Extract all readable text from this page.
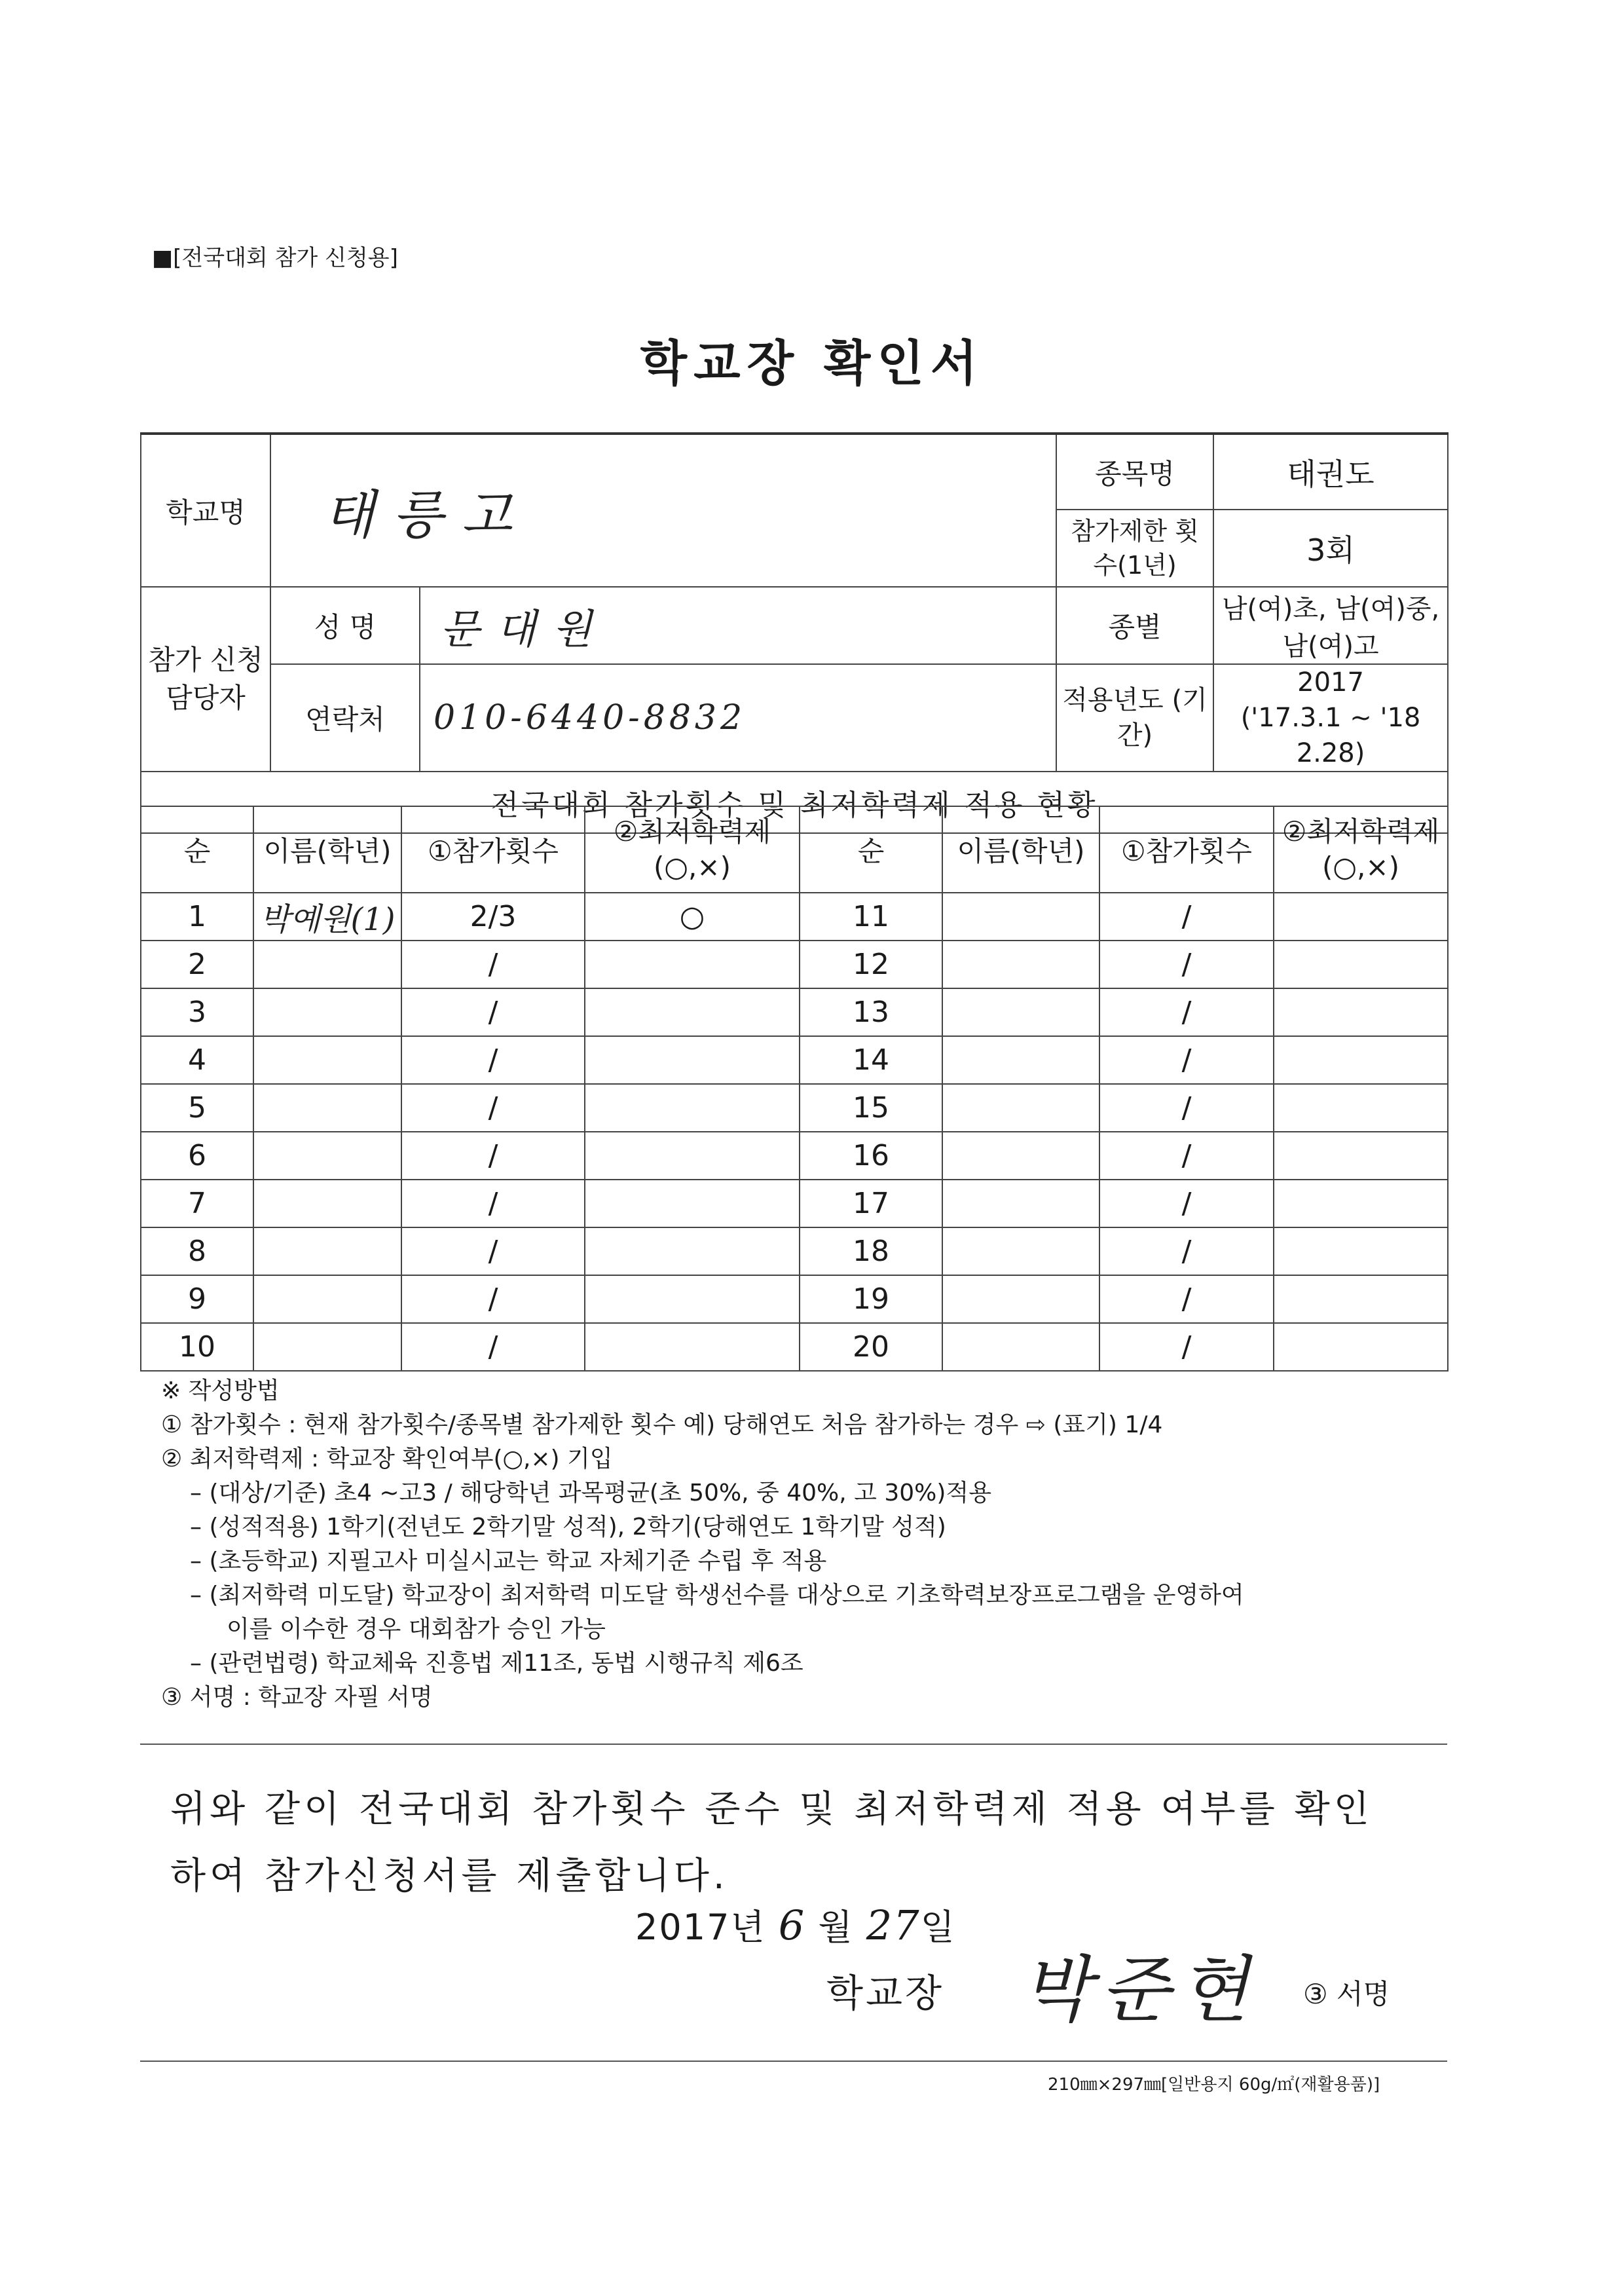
■[전국대회 참가 신청용]
학교장 확인서
학교명	태릉고		종목명	태권도
			참가제한 횟수(1년)	3회
참가 신청 담당자	성 명	문대원	종별	남(여)초, 남(여)중, 남(여)고
	연락처	010-6440-8832	적용년도 (기간)	2017
('17.3.1 ~ '18 2.28)

전국대회 참가횟수 및 최저학력제 적용 현황				
순	이름(학년)	①참가횟수	②최저학력제 (○,×)	순	이름(학년)	①참가횟수	②최저학력제 (○,×)
1	박예원(1)	2/3	○	11		/	
2		/		12		/	
3		/		13		/	
4		/		14		/	
5		/		15		/	
6		/		16		/	
7		/		17		/	
8		/		18		/	
9		/		19		/	
10		/		20		/	
※ 작성방법
① 참가횟수 : 현재 참가횟수/종목별 참가제한 횟수 예) 당해연도 처음 참가하는 경우 ⇨ (표기) 1/4
② 최저학력제 : 학교장 확인여부(○,×) 기입
– (대상/기준) 초4 ~고3 / 해당학년 과목평균(초 50%, 중 40%, 고 30%)적용
– (성적적용) 1학기(전년도 2학기말 성적), 2학기(당해연도 1학기말 성적)
– (초등학교) 지필고사 미실시교는 학교 자체기준 수립 후 적용
– (최저학력 미도달) 학교장이 최저학력 미도달 학생선수를 대상으로 기초학력보장프로그램을 운영하여
이를 이수한 경우 대회참가 승인 가능
– (관련법령) 학교체육 진흥법 제11조, 동법 시행규칙 제6조
③ 서명 : 학교장 자필 서명
위와 같이 전국대회 참가횟수 준수 및 최저학력제 적용 여부를 확인
하여 참가신청서를 제출합니다.
2017년 6 월 27일
학교장 박준현 ③ 서명
210㎜×297㎜[일반용지 60g/㎡(재활용품)]
